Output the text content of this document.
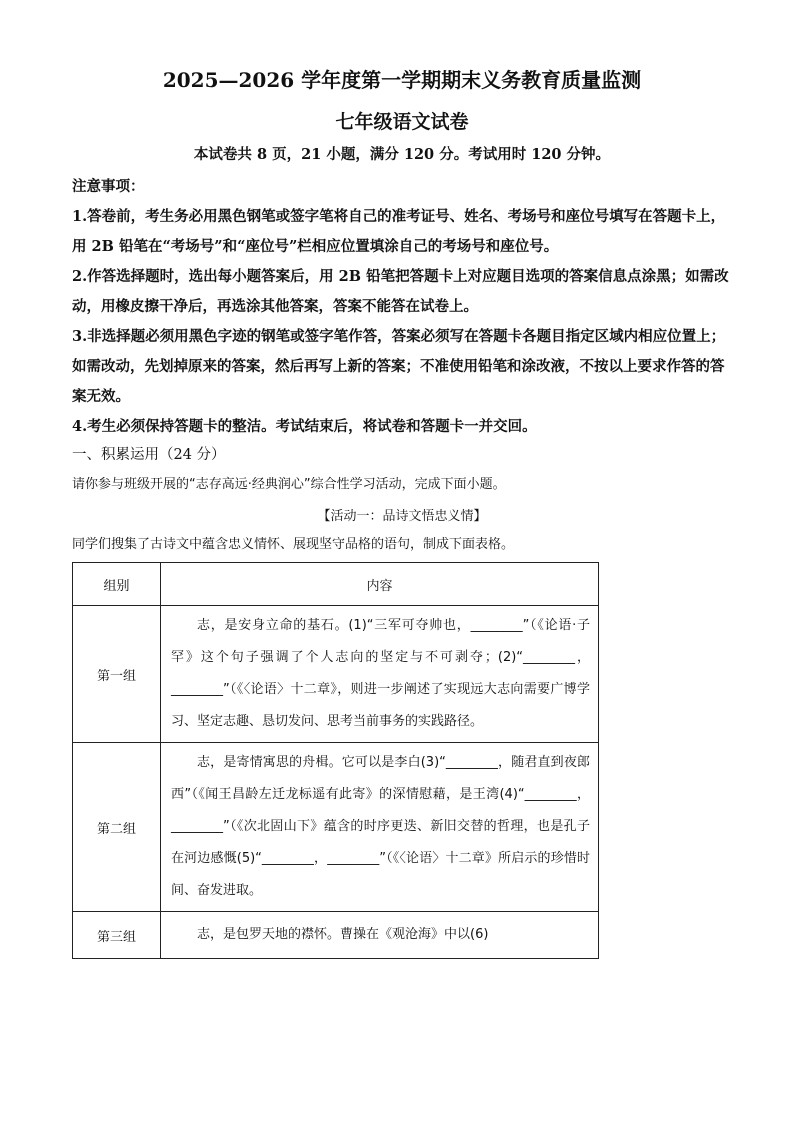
2025—2026 学年度第一学期期末义务教育质量监测
七年级语文试卷
本试卷共 8 页，21 小题，满分 120 分。考试用时 120 分钟。
注意事项：

1.答卷前，考生务必用黑色钢笔或签字笔将自己的准考证号、姓名、考场号和座位号填写在答题卡上，用 2B 铅笔在“考场号”和“座位号”栏相应位置填涂自己的考场号和座位号。

2.作答选择题时，选出每小题答案后，用 2B 铅笔把答题卡上对应题目选项的答案信息点涂黑；如需改动，用橡皮擦干净后，再选涂其他答案，答案不能答在试卷上。

3.非选择题必须用黑色字迹的钢笔或签字笔作答，答案必须写在答题卡各题目指定区域内相应位置上；如需改动，先划掉原来的答案，然后再写上新的答案；不准使用铅笔和涂改液，不按以上要求作答的答案无效。

4.考生必须保持答题卡的整洁。考试结束后，将试卷和答题卡一并交回。

一、积累运用（24 分）
请你参与班级开展的“志存高远·经典润心”综合性学习活动，完成下面小题。
【活动一：品诗文悟忠义情】
同学们搜集了古诗文中蕴含忠义情怀、展现坚守品格的语句，制成下面表格。
组别	内容
第一组	志，是安身立命的基石。(1)“三军可夺帅也，________”（《论语·子罕》这个句子强调了个人志向的坚定与不可剥夺；(2)“________，________”（《〈论语〉十二章》，则进一步阐述了实现远大志向需要广博学习、坚定志趣、恳切发问、思考当前事务的实践路径。
第二组	志，是寄情寓思的舟楫。它可以是李白(3)“________，随君直到夜郎西”（《闻王昌龄左迁龙标遥有此寄》的深情慰藉，是王湾(4)“________，________”（《次北固山下》蕴含的时序更迭、新旧交替的哲理，也是孔子在河边感慨(5)“________，________”（《〈论语〉十二章》所启示的珍惜时间、奋发进取。
第三组	志，是包罗天地的襟怀。曹操在《观沧海》中以(6)
